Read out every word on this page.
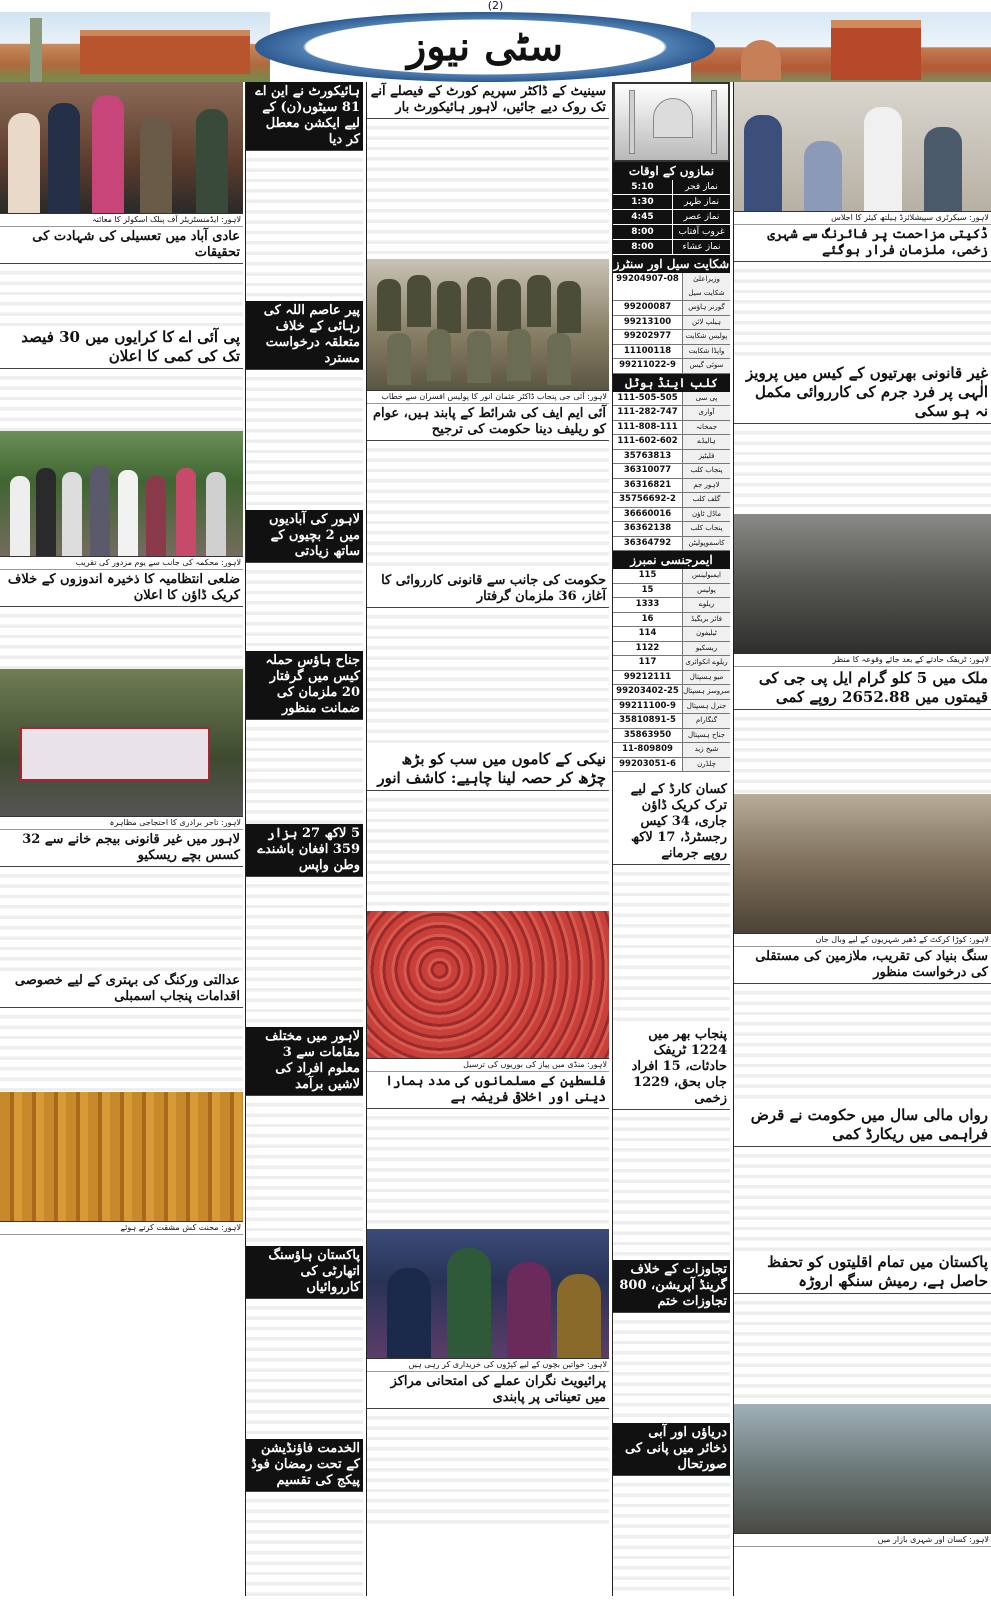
(2)
سٹی نیوز
لاہور: ایڈمنسٹریٹر آف پبلک اسکولز کا معائنہ
عادی آباد میں تعسیلی کی شہادت کی تحقیقات
پی آئی اے کا کرایوں میں 30 فیصد تک کی کمی کا اعلان
لاہور: محکمہ کی جانب سے یوم مزدور کی تقریب
ضلعی انتظامیہ کا ذخیرہ اندوزوں کے خلاف کریک ڈاؤن کا اعلان
لاہور: تاجر برادری کا احتجاجی مظاہرہ
لاہور میں غیر قانونی بیجم خانے سے 32 کسس بچے ریسکیو
عدالتی ورکنگ کی بہتری کے لیے خصوصی اقدامات پنجاب اسمبلی
لاہور: محنت کش مشقت کرتے ہوئے
ہائیکورٹ نے این اے 81 سیٹوں(ن) کے لیے ایکشن معطل کر دیا
پیر عاصم اللہ کی رہائی کے خلاف متعلقہ درخواست مسترد
لاہور کی آبادیوں میں 2 بچیوں کے ساتھ زیادتی
جناح ہاؤس حملہ کیس میں گرفتار 20 ملزمان کی ضمانت منظور
5 لاکھ 27 ہزار 359 افغان باشندے وطن واپس
لاہور میں مختلف مقامات سے 3 معلوم افراد کی لاشیں برآمد
پاکستان ہاؤسنگ اتھارٹی کی کارروائیاں
الخدمت فاؤنڈیشن کے تحت رمضان فوڈ پیکج کی تقسیم
سینیٹ کے ڈاکٹر سپریم کورٹ کے فیصلے آنے تک روک دیے جائیں، لاہور ہائیکورٹ بار
لاہور: آئی جی پنجاب ڈاکٹر عثمان انور کا پولیس افسران سے خطاب
آئی ایم ایف کی شرائط کے پابند ہیں، عوام کو ریلیف دینا حکومت کی ترجیح
حکومت کی جانب سے قانونی کارروائی کا آغاز، 36 ملزمان گرفتار
نیکی کے کاموں میں سب کو بڑھ چڑھ کر حصہ لینا چاہیے: کاشف انور
لاہور: منڈی میں پیاز کی بوریوں کی ترسیل
فلسطین کے مسلمانوں کی مدد ہمارا دینی اور اخلاقی فریضہ ہے
لاہور: خواتین بچوں کے لیے کپڑوں کی خریداری کر رہی ہیں
پرائیویٹ نگران عملے کی امتحانی مراکز میں تعیناتی پر پابندی
نمازوں کے اوقات
نماز فجر
5:10
نماز ظہر
1:30
نماز عصر
4:45
غروب آفتاب
8:00
نماز عشاء
8:00
شکایت سیل اور سنٹرز
وزیراعلیٰ شکایت سیل
99204907-08
گورنر ہاؤس
99200087
ہیلپ لائن
99213100
پولیس شکایت
99202977
واپڈا شکایت
11100118
سوئی گیس
99211022-9
کلب اینڈ ہوٹل
پی سی
111-505-505
آواری
111-282-747
جمخانہ
111-808-111
ہالیڈے
111-602-602
فلیٹیز
35763813
پنجاب کلب
36310077
لاہور جم
36316821
گلف کلب
35756692-2
ماڈل ٹاؤن
36660016
پنجاب کلب
36362138
کاسموپولیٹن
36364792
ایمرجنسی نمبرز
ایمبولینس
115
پولیس
15
ریلوے
1333
فائر بریگیڈ
16
ٹیلیفون
114
ریسکیو
1122
ریلوے انکوائری
117
میو ہسپتال
99212111
سروسز ہسپتال
99203402-25
جنرل ہسپتال
99211100-9
گنگارام
35810891-5
جناح ہسپتال
35863950
شیخ زید
11-809809
چلڈرن
99203051-6
کسان کارڈ کے لیے ترک کریک ڈاؤن جاری، 34 کیس رجسٹرڈ، 17 لاکھ روپے جرمانے
پنجاب بھر میں 1224 ٹریفک حادثات، 15 افراد جاں بحق، 1229 زخمی
تجاوزات کے خلاف گرینڈ آپریشن، 800 تجاوزات ختم
دریاؤں اور آبی ذخائر میں پانی کی صورتحال
لاہور: سیکرٹری سپیشلائزڈ ہیلتھ کیئر کا اجلاس
ڈکیتی مزاحمت پر فائرنگ سے شہری زخمی، ملزمان فرار ہوگئے
غیر قانونی بھرتیوں کے کیس میں پرویز الٰہی پر فرد جرم کی کارروائی مکمل نہ ہو سکی
لاہور: ٹریفک حادثے کے بعد جائے وقوعہ کا منظر
ملک میں 5 کلو گرام ایل پی جی کی قیمتوں میں 2652.88 روپے کمی
لاہور: کوڑا کرکٹ کے ڈھیر شہریوں کے لیے وبال جان
سنگ بنیاد کی تقریب، ملازمین کی مستقلی کی درخواست منظور
رواں مالی سال میں حکومت نے قرض فراہمی میں ریکارڈ کمی
پاکستان میں تمام اقلیتوں کو تحفظ حاصل ہے، رمیش سنگھ اروڑہ
لاہور: کسان اور شہری بازار میں
